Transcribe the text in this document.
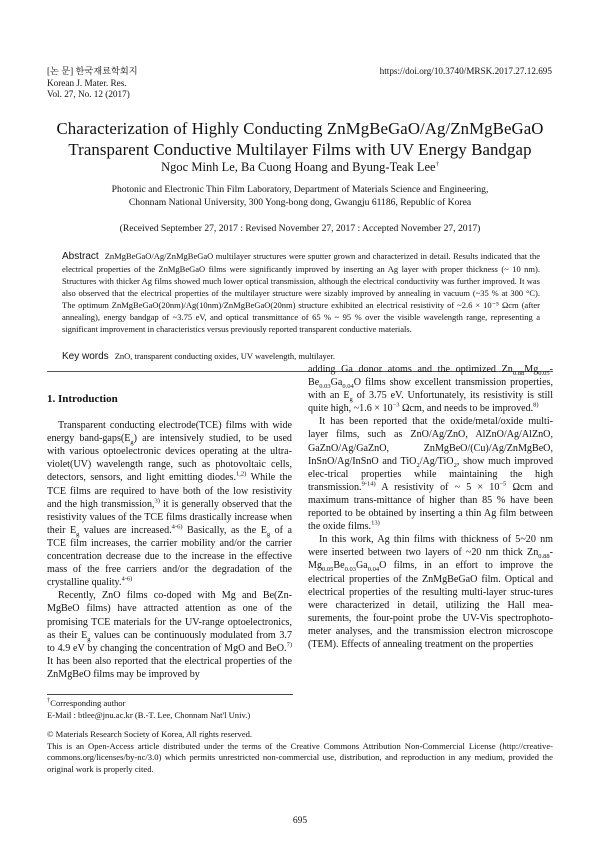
[논 문] 한국재료학회지
Korean J. Mater. Res.
Vol. 27, No. 12 (2017)
https://doi.org/10.3740/MRSK.2017.27.12.695
Characterization of Highly Conducting ZnMgBeGaO/Ag/ZnMgBeGaO
Transparent Conductive Multilayer Films with UV Energy Bandgap
Ngoc Minh Le, Ba Cuong Hoang and Byung-Teak Lee†
Photonic and Electronic Thin Film Laboratory, Department of Materials Science and Engineering,
Chonnam National University, 300 Yong-bong dong, Gwangju 61186, Republic of Korea
(Received September 27, 2017 : Revised November 27, 2017 : Accepted November 27, 2017)
Abstract ZnMgBeGaO/Ag/ZnMgBeGaO multilayer structures were sputter grown and characterized in detail. Results indicated that the electrical properties of the ZnMgBeGaO films were significantly improved by inserting an Ag layer with proper thickness (~ 10 nm). Structures with thicker Ag films showed much lower optical transmission, although the electrical conductivity was further improved. It was also observed that the electrical properties of the multilayer structure were sizably improved by annealing in vacuum (~35 % at 300 °C). The optimum ZnMgBeGaO(20nm)/Ag(10nm)/ZnMgBeGaO(20nm) structure exhibited an electrical resistivity of ~2.6 × 10⁻⁵ Ωcm (after annealing), energy bandgap of ~3.75 eV, and optical transmittance of 65 % ~ 95 % over the visible wavelength range, representing a significant improvement in characteristics versus previously reported transparent conductive materials.
Key words ZnO, transparent conducting oxides, UV wavelength, multilayer.
1. Introduction

Transparent conducting electrode(TCE) films with wide energy band-$gaps(E_g)$ are intensively studied, to be used with various optoelectronic devices operating at the ultra-violet(UV) wavelength range, such as photovoltaic cells, detectors, sensors, and light emitting diodes.$^{1,2)}$ While the TCE films are required to have both of the low resistivity and the high transmission,$^{3)}$ it is generally observed that the resistivity values of the TCE films drastically increase when their $E_g$ values are increased.$^{4-6)}$ Basically, as the $E_g$ of a TCE film increases, the carrier mobility and/or the carrier concentration decrease due to the increase in the effective mass of the free carriers and/or the degradation of the crystalline quality.$^{4-6)}$

Recently, ZnO films co-doped with Mg and Be(Zn-MgBeO films) have attracted attention as one of the promising TCE materials for the UV-range optoelectronics, as their $E_g$ values can be continuously modulated from 3.7 to 4.9 eV by changing the concentration of MgO and BeO.$^{7)}$ It has been also reported that the electrical properties of the ZnMgBeO films may be improved by

adding Ga donor atoms and the optimized $Zn_{0.88}Mg_{0.05}-Be_{0.03}Ga_{0.04}O$ films show excellent transmission properties, with an $E_g$ of 3.75 eV. Unfortunately, its resistivity is still quite high, ~1.6 × $10^{-3}$ Ωcm, and needs to be improved.$^{8)}$

It has been reported that the oxide/metal/oxide multi-layer films, such as ZnO/Ag/ZnO, AlZnO/Ag/AlZnO, GaZnO/Ag/GaZnO, ZnMgBeO/(Cu)/Ag/ZnMgBeO, InSnO/Ag/InSnO and TiO$_2$/Ag/TiO$_2$, show much improved elec-trical properties while maintaining the high transmission.$^{9-14)}$ A resistivity of ~ $5 \times 10^{-5}$ Ωcm and maximum trans-mittance of higher than 85 % have been reported to be obtained by inserting a thin Ag film between the oxide films.$^{13)}$

In this work, Ag thin films with thickness of 5~20 nm were inserted between two layers of ~20 nm thick $Zn_{0.88}-Mg_{0.05}Be_{0.03}Ga_{0.04}O$ films, in an effort to improve the electrical properties of the ZnMgBeGaO film. Optical and electrical properties of the resulting multi-layer struc-tures were characterized in detail, utilizing the Hall mea-surements, the four-point probe the UV-Vis spectrophoto-meter analyses, and the transmission electron microscope (TEM). Effects of annealing treatment on the properties

†Corresponding author

E-Mail : btlee@jnu.ac.kr (B.-T. Lee, Chonnam Nat'l Univ.)

© Materials Research Society of Korea, All rights reserved.

This is an Open-Access article distributed under the terms of the Creative Commons Attribution Non-Commercial License (http://creative-commons.org/licenses/by-nc/3.0) which permits unrestricted non-commercial use, distribution, and reproduction in any medium, provided the original work is properly cited.

695
